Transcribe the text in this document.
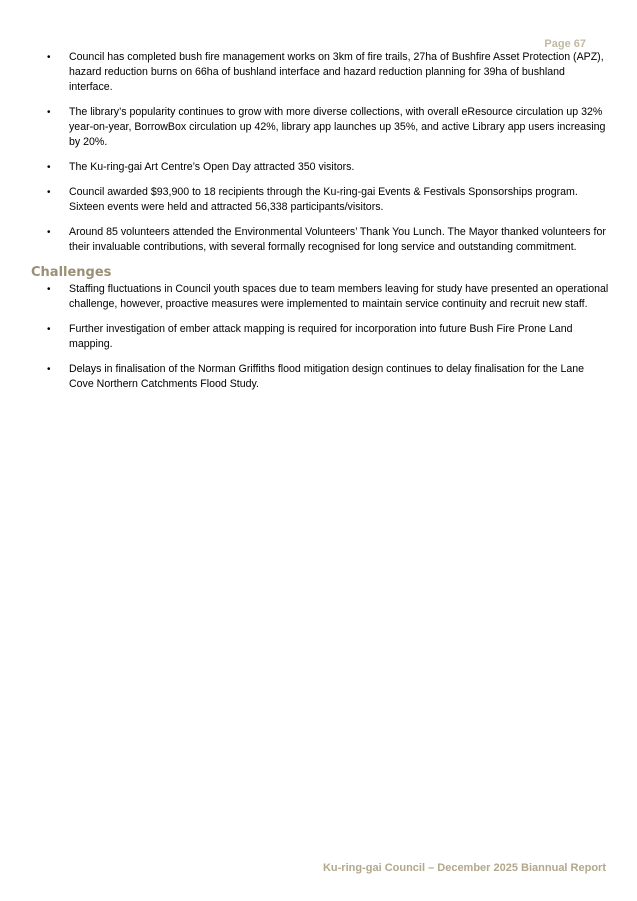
Page 67
• Council has completed bush fire management works on 3km of fire trails, 27ha of Bushfire Asset Protection (APZ), hazard reduction burns on 66ha of bushland interface and hazard reduction planning for 39ha of bushland interface.
• The library’s popularity continues to grow with more diverse collections, with overall eResource circulation up 32% year-on-year, BorrowBox circulation up 42%, library app launches up 35%, and active Library app users increasing by 20%.
• The Ku-ring-gai Art Centre’s Open Day attracted 350 visitors.
• Council awarded $93,900 to 18 recipients through the Ku-ring-gai Events & Festivals Sponsorships program. Sixteen events were held and attracted 56,338 participants/visitors.
• Around 85 volunteers attended the Environmental Volunteers’ Thank You Lunch. The Mayor thanked volunteers for their invaluable contributions, with several formally recognised for long service and outstanding commitment.
Challenges
• Staffing fluctuations in Council youth spaces due to team members leaving for study have presented an operational challenge, however, proactive measures were implemented to maintain service continuity and recruit new staff.
• Further investigation of ember attack mapping is required for incorporation into future Bush Fire Prone Land mapping.
• Delays in finalisation of the Norman Griffiths flood mitigation design continues to delay finalisation for the Lane Cove Northern Catchments Flood Study.
Ku-ring-gai Council – December 2025 Biannual Report
